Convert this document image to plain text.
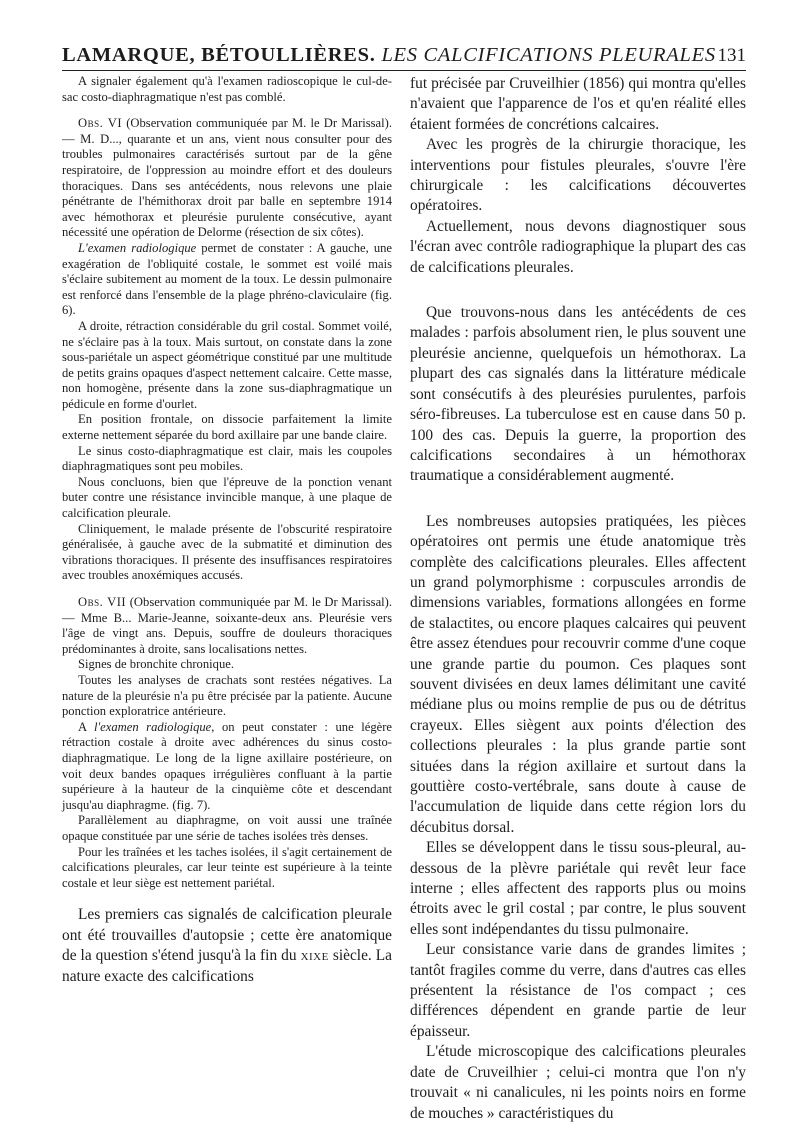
LAMARQUE, BÉTOULLIÈRES. LES CALCIFICATIONS PLEURALES 131

A signaler également qu'à l'examen radioscopique le cul-de-sac costo-diaphragmatique n'est pas comblé.

Obs. VI (Observation communiquée par M. le Dr Marissal). — M. D..., quarante et un ans, vient nous consulter pour des troubles pulmonaires caractérisés surtout par de la gêne respiratoire, de l'oppression au moindre effort et des douleurs thoraciques. Dans ses antécédents, nous relevons une plaie pénétrante de l'hémithorax droit par balle en septembre 1914 avec hémothorax et pleurésie purulente consécutive, ayant nécessité une opération de Delorme (résection de six côtes).

L'examen radiologique permet de constater : A gauche, une exagération de l'obliquité costale, le sommet est voilé mais s'éclaire subitement au moment de la toux. Le dessin pulmonaire est renforcé dans l'ensemble de la plage phréno-claviculaire (fig. 6).

A droite, rétraction considérable du gril costal. Sommet voilé, ne s'éclaire pas à la toux. Mais surtout, on constate dans la zone sous-pariétale un aspect géométrique constitué par une multitude de petits grains opaques d'aspect nettement calcaire. Cette masse, non homogène, présente dans la zone sus-diaphragmatique un pédicule en forme d'ourlet.

En position frontale, on dissocie parfaitement la limite externe nettement séparée du bord axillaire par une bande claire.

Le sinus costo-diaphragmatique est clair, mais les coupoles diaphragmatiques sont peu mobiles.

Nous concluons, bien que l'épreuve de la ponction venant buter contre une résistance invincible manque, à une plaque de calcification pleurale.

Cliniquement, le malade présente de l'obscurité respiratoire généralisée, à gauche avec de la submatité et diminution des vibrations thoraciques. Il présente des insuffisances respiratoires avec troubles anoxémiques accusés.

Obs. VII (Observation communiquée par M. le Dr Marissal). — Mme B... Marie-Jeanne, soixante-deux ans. Pleurésie vers l'âge de vingt ans. Depuis, souffre de douleurs thoraciques prédominantes à droite, sans localisations nettes.

Signes de bronchite chronique.

Toutes les analyses de crachats sont restées négatives. La nature de la pleurésie n'a pu être précisée par la patiente. Aucune ponction exploratrice antérieure.

A l'examen radiologique, on peut constater : une légère rétraction costale à droite avec adhérences du sinus costo-diaphragmatique. Le long de la ligne axillaire postérieure, on voit deux bandes opaques irrégulières confluant à la partie supérieure à la hauteur de la cinquième côte et descendant jusqu'au diaphragme. (fig. 7).

Parallèlement au diaphragme, on voit aussi une traînée opaque constituée par une série de taches isolées très denses.

Pour les traînées et les taches isolées, il s'agit certainement de calcifications pleurales, car leur teinte est supérieure à la teinte costale et leur siège est nettement pariétal.

Les premiers cas signalés de calcification pleurale ont été trouvailles d'autopsie ; cette ère anatomique de la question s'étend jusqu'à la fin du xixe siècle. La nature exacte des calcifications

fut précisée par Cruveilhier (1856) qui montra qu'elles n'avaient que l'apparence de l'os et qu'en réalité elles étaient formées de concrétions calcaires.

Avec les progrès de la chirurgie thoracique, les interventions pour fistules pleurales, s'ouvre l'ère chirurgicale : les calcifications découvertes opératoires.

Actuellement, nous devons diagnostiquer sous l'écran avec contrôle radiographique la plupart des cas de calcifications pleurales.

Que trouvons-nous dans les antécédents de ces malades : parfois absolument rien, le plus souvent une pleurésie ancienne, quelquefois un hémothorax. La plupart des cas signalés dans la littérature médicale sont consécutifs à des pleurésies purulentes, parfois séro-fibreuses. La tuberculose est en cause dans 50 p. 100 des cas. Depuis la guerre, la proportion des calcifications secondaires à un hémothorax traumatique a considérablement augmenté.

Les nombreuses autopsies pratiquées, les pièces opératoires ont permis une étude anatomique très complète des calcifications pleurales. Elles affectent un grand polymorphisme : corpuscules arrondis de dimensions variables, formations allongées en forme de stalactites, ou encore plaques calcaires qui peuvent être assez étendues pour recouvrir comme d'une coque une grande partie du poumon. Ces plaques sont souvent divisées en deux lames délimitant une cavité médiane plus ou moins remplie de pus ou de détritus crayeux. Elles siègent aux points d'élection des collections pleurales : la plus grande partie sont situées dans la région axillaire et surtout dans la gouttière costo-vertébrale, sans doute à cause de l'accumulation de liquide dans cette région lors du décubitus dorsal.

Elles se développent dans le tissu sous-pleural, au-dessous de la plèvre pariétale qui revêt leur face interne ; elles affectent des rapports plus ou moins étroits avec le gril costal ; par contre, le plus souvent elles sont indépendantes du tissu pulmonaire.

Leur consistance varie dans de grandes limites ; tantôt fragiles comme du verre, dans d'autres cas elles présentent la résistance de l'os compact ; ces différences dépendent en grande partie de leur épaisseur.

L'étude microscopique des calcifications pleurales date de Cruveilhier ; celui-ci montra que l'on n'y trouvait « ni canalicules, ni les points noirs en forme de mouches » caractéristiques du
